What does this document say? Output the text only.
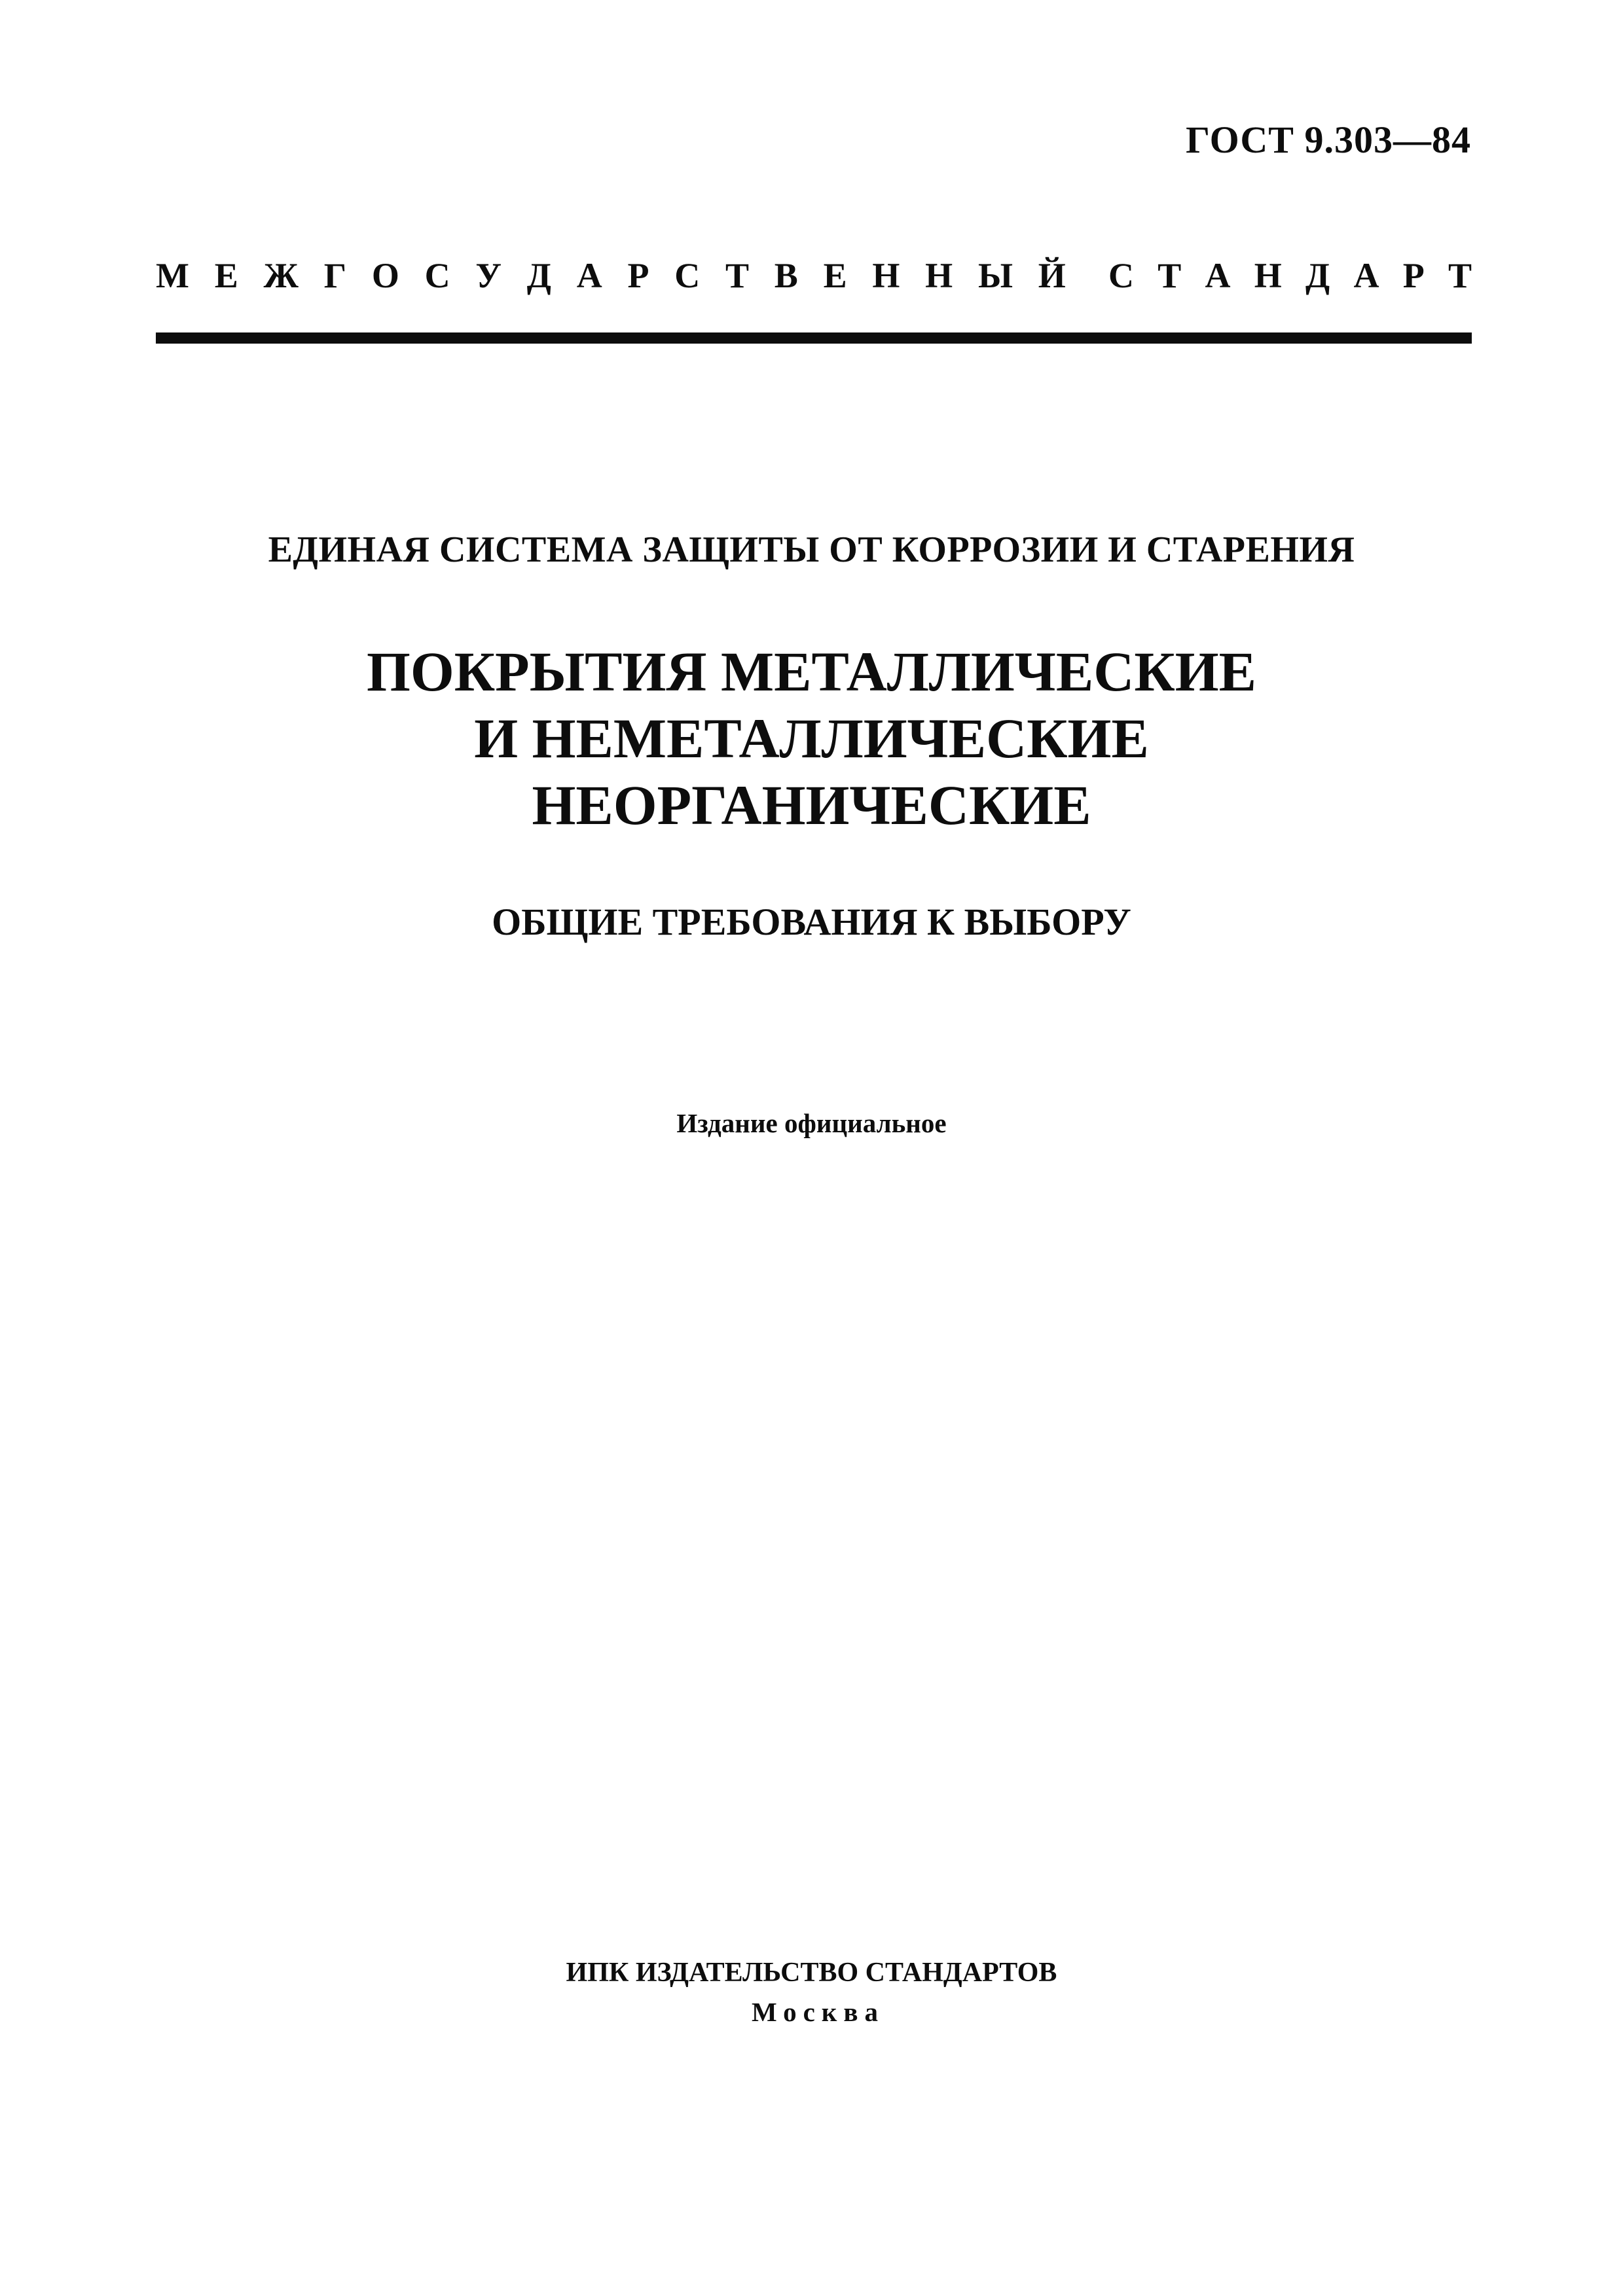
ГОСТ 9.303—84
М Е Ж Г О С У Д А Р С Т В Е Н Н Ы Й С Т А Н Д А Р Т
ЕДИНАЯ СИСТЕМА ЗАЩИТЫ ОТ КОРРОЗИИ И СТАРЕНИЯ
ПОКРЫТИЯ МЕТАЛЛИЧЕСКИЕ
И НЕМЕТАЛЛИЧЕСКИЕ
НЕОРГАНИЧЕСКИЕ
ОБЩИЕ ТРЕБОВАНИЯ К ВЫБОРУ
Издание официальное
ИПК ИЗДАТЕЛЬСТВО СТАНДАРТОВ
Москва
